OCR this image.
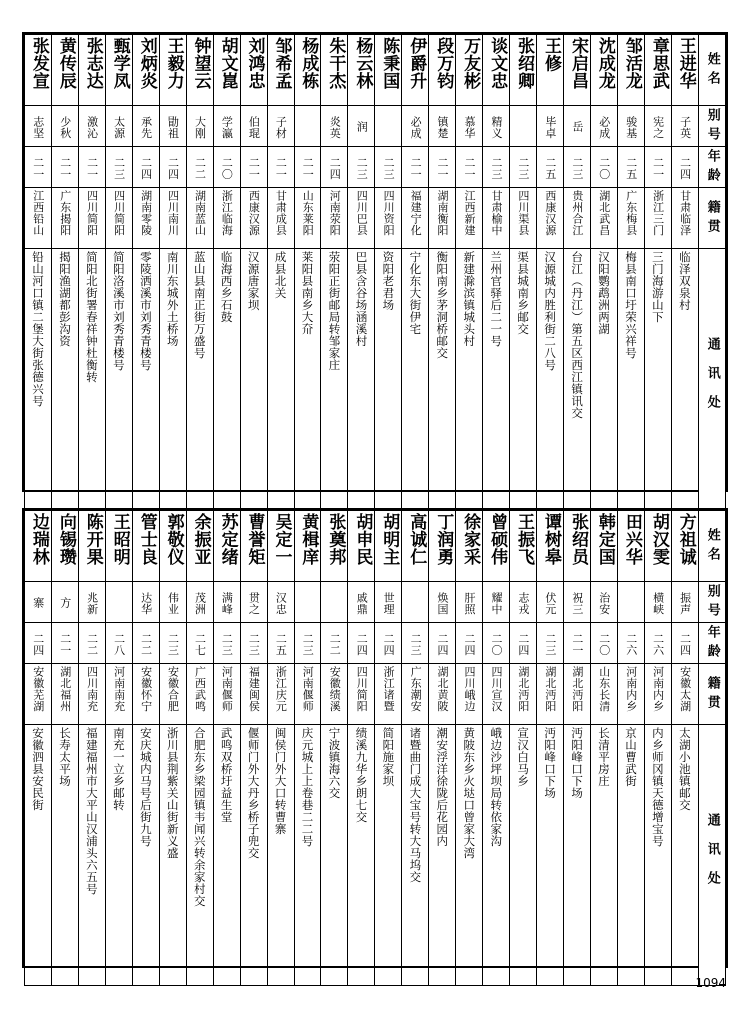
张发宣	黄传辰	张志达	甄学凤	刘炳炎	王毅力	钟望云	胡文崑	刘鸿忠	邹希孟	杨成栋	朱干杰	杨云林	陈秉国	伊爵升	段万钧	万友彬	谈文忠	张绍卿	王修	宋启昌	沈成龙	邹活龙	章思武	王进华	姓名

志坚	少秋	激沁	太源	承先	勖祖	大刚	学瀛	伯琨	子材		炎英	润		必成	镇楚	慕华	精义		毕卓	岳	必成	骏基	宪之	子英	别号

二一	二一	二一	二三	二四	二四	二二	二〇	二一	二一	二一	二四	二三	二三	二一	二一	二一	二三	二三	二五	二三	二〇	二五	二一	二四	年龄

江西铅山	广东揭阳	四川简阳	四川简阳	湖南零陵	四川南川	湖南蓝山	浙江临海	西康汉源	甘肃成县	山东莱阳	河南荥阳	四川巴县	四川资阳	福建宁化	湖南衡阳	江西新建	甘肃榆中	四川渠县	西康汉源	贵州合江	湖北武昌	广东梅县	浙江三门	甘肃临泽	籍贯

铅山河口镇二堡大街张德兴号	揭阳渔湖都彭沟资	简阳北街署春祥钟杜衡转	简阳洛溪市刘秀青楼号	零陵洒溪市刘秀青楼号	南川东城外土桥场	蓝山县南正街万盛号	临海西乡石鼓	汉源唐家坝	成县北关	莱阳县南乡大夼	荥阳正街邮局转邹家庄	巴县含谷场涵溪村	资阳老君场	宁化东大街伊宅	衡阳南乡茅洞桥邮交	新建滁滨镇城头村	兰州官驿后二一号	渠县城南乡邮交	汉源城内胜利街二八号	台江（丹江）第五区西江镇讯交	汉阳鹦鹉洲两湖	梅县南口圩荣兴祥号	三门海游山下	临泽双泉村	通讯处
边瑞林	向锡瓒	陈开果	王昭明	管士良	郭敬仪	余振亚	苏定绪	曹誉矩	吴定一	黄楫庠	张奠邦	胡申民	胡明主	高诚仁	丁润勇	徐家采	曾硕伟	王振飞	谭树皋	张绍员	韩定国	田兴华	胡汉雯	方祖诚	姓名

寨	方	兆新		达华	伟业	茂洲	满峰	贯之	汉忠			戚鼎	世理		焕国	肝照	耀中	志戎	伏元	祝三	治安		横峡	振声	别号

二四	二一	二二	二八	二二	二三	二七	二三	二三	二五	二三	二二	二四	二四	二三	二四	二四	二〇	二四	二三	二一	二〇	二六	二六	二四	年龄

安徽芜湖	湖北福州	四川南充	河南南充	安徽怀宁	安徽合肥	广西武鸣	河南偃师	福建闽侯	浙江庆元	河南偃师	安徽绩溪	四川简阳	浙江诸暨	广东潮安	湖北黄陂	四川峨边	四川宣汉	湖北沔阳	湖北沔阳	湖北沔阳	山东长清	河南内乡	河南内乡	安徽太湖	籍贯

安徽泗县安民街	长寿太平场	福建福州市大平山汉浦头六五号	南充一立乡邮转	安庆城内马号后街九号	浙川县荆紫关山街新义盛	合肥东乡梁园镇韦闻兴转余家村交	武鸣双桥圩益生堂	偃师门外大丹乡桥子兜交	闽侯门外大口转曹寨	庆元城上上卷巷二二号	宁波镇海六交	绩溪九华乡朗七交	简阳施家坝	诸暨曲门成大宝号转大马坞交	潮安浮洋徐陇后花园内	黄陂东乡火垯口曾家大湾	峨边沙坪坝局转依家沟	宣汉白马乡	沔阳峰口下场	沔阳峰口下场	长清平房庄	京山曹武街	内乡师冈镇天德增宝号	太湖小池镇邮交	通讯处
1094
